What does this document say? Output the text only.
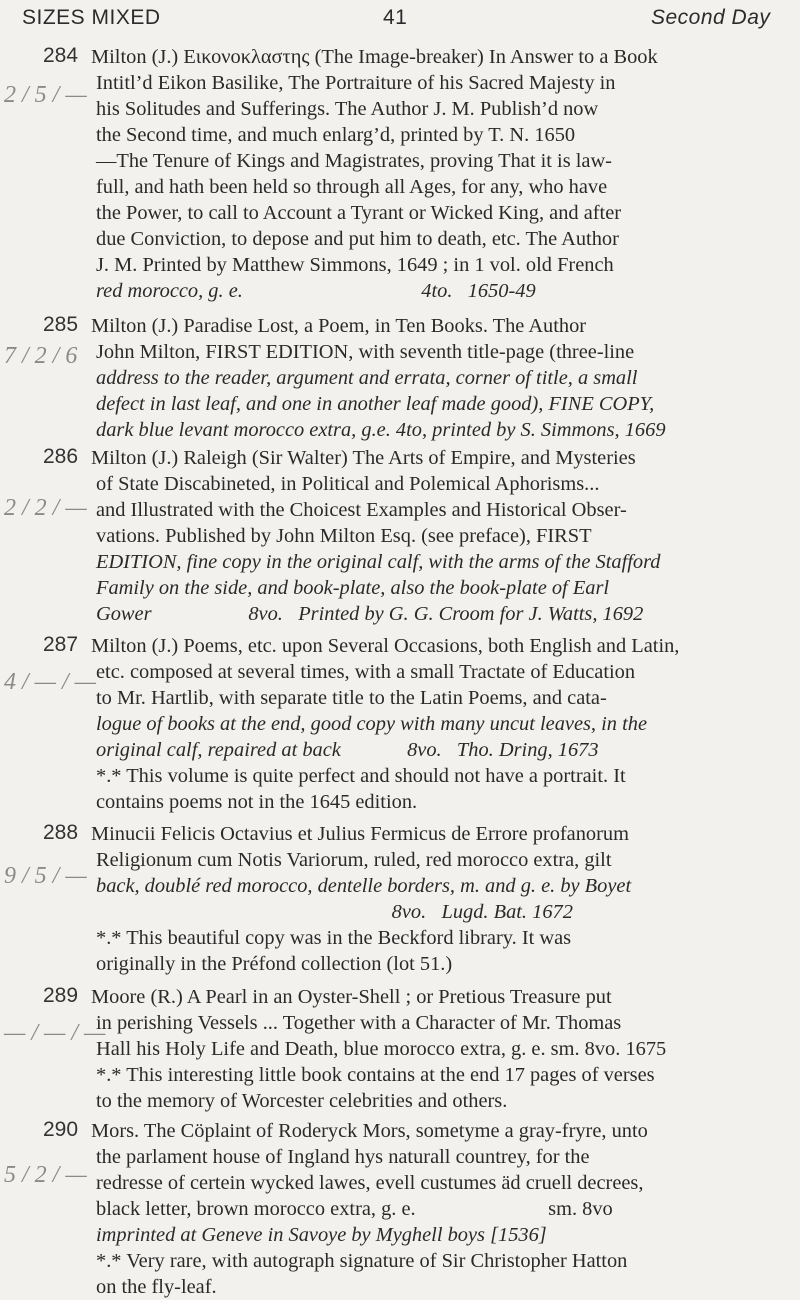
SIZES MIXED	41	Second Day
284
2 / 5 / —
Milton (J.) Εικονοκλαστης (The Image-breaker) In Answer to a Book
Intitl’d Eikon Basilike, The Portraiture of his Sacred Majesty in
his Solitudes and Sufferings. The Author J. M. Publish’d now
the Second time, and much enlarg’d, printed by T. N. 1650
—The Tenure of Kings and Magistrates, proving That it is law-
full, and hath been held so through all Ages, for any, who have
the Power, to call to Account a Tyrant or Wicked King, and after
due Conviction, to depose and put him to death, etc. The Author
J. M. Printed by Matthew Simmons, 1649 ; in 1 vol. old French
red morocco, g. e.                                   4to.   1650-49
285
7 / 2 / 6
Milton (J.) Paradise Lost, a Poem, in Ten Books. The Author
John Milton, FIRST EDITION, with seventh title-page (three-line
address to the reader, argument and errata, corner of title, a small
defect in last leaf, and one in another leaf made good), FINE COPY,
dark blue levant morocco extra, g.e. 4to, printed by S. Simmons, 1669
286
2 / 2 / —
Milton (J.) Raleigh (Sir Walter) The Arts of Empire, and Mysteries
of State Discabineted, in Political and Polemical Aphorisms...
and Illustrated with the Choicest Examples and Historical Obser-
vations. Published by John Milton Esq. (see preface), FIRST
EDITION, fine copy in the original calf, with the arms of the Stafford
Family on the side, and book-plate, also the book-plate of Earl
Gower                   8vo.   Printed by G. G. Croom for J. Watts, 1692
287
4 / — / —
Milton (J.) Poems, etc. upon Several Occasions, both English and Latin,
etc. composed at several times, with a small Tractate of Education
to Mr. Hartlib, with separate title to the Latin Poems, and cata-
logue of books at the end, good copy with many uncut leaves, in the
original calf, repaired at back             8vo.   Tho. Dring, 1673
*.* This volume is quite perfect and should not have a portrait. It
contains poems not in the 1645 edition.
288
9 / 5 / —
Minucii Felicis Octavius et Julius Fermicus de Errore profanorum
Religionum cum Notis Variorum, ruled, red morocco extra, gilt
back, doublé red morocco, dentelle borders, m. and g. e. by Boyet
8vo.   Lugd. Bat. 1672
*.* This beautiful copy was in the Beckford library. It was
originally in the Préfond collection (lot 51.)
289
— / — / —
Moore (R.) A Pearl in an Oyster-Shell ; or Pretious Treasure put
in perishing Vessels ... Together with a Character of Mr. Thomas
Hall his Holy Life and Death, blue morocco extra, g. e. sm. 8vo. 1675
*.* This interesting little book contains at the end 17 pages of verses
to the memory of Worcester celebrities and others.
290
5 / 2 / —
Mors. The Cöplaint of Roderyck Mors, sometyme a gray-fryre, unto
the parlament house of Ingland hys naturall countrey, for the
redresse of certein wycked lawes, evell custumes äd cruell decrees,
black letter, brown morocco extra, g. e.                          sm. 8vo
imprinted at Geneve in Savoye by Myghell boys [1536]
*.* Very rare, with autograph signature of Sir Christopher Hatton
on the fly-leaf.
